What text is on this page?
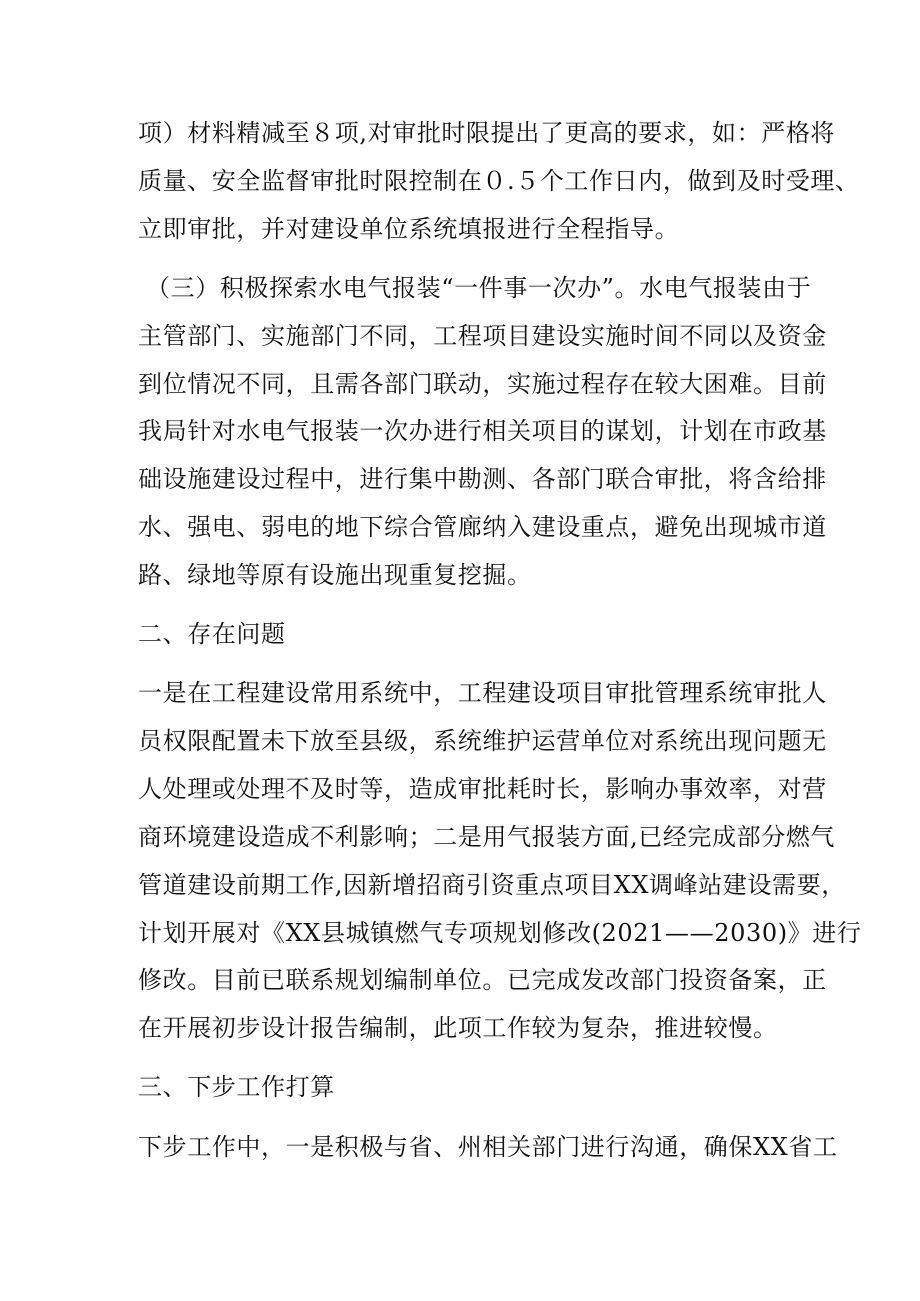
项）材料精减至８项,对审批时限提出了更高的要求，如：严格将
质量、安全监督审批时限控制在０.５个工作日内，做到及时受理、
立即审批，并对建设单位系统填报进行全程指导。
（三）积极探索水电气报装“一件事一次办”。水电气报装由于
主管部门、实施部门不同，工程项目建设实施时间不同以及资金
到位情况不同，且需各部门联动，实施过程存在较大困难。目前
我局针对水电气报装一次办进行相关项目的谋划，计划在市政基
础设施建设过程中，进行集中勘测、各部门联合审批，将含给排
水、强电、弱电的地下综合管廊纳入建设重点，避免出现城市道
路、绿地等原有设施出现重复挖掘。
二、存在问题
一是在工程建设常用系统中，工程建设项目审批管理系统审批人
员权限配置未下放至县级，系统维护运营单位对系统出现问题无
人处理或处理不及时等，造成审批耗时长，影响办事效率，对营
商环境建设造成不利影响；二是用气报装方面,已经完成部分燃气
管道建设前期工作,因新增招商引资重点项目XX调峰站建设需要，
计划开展对《XX县城镇燃气专项规划修改(2021——2030)》进行
修改。目前已联系规划编制单位。已完成发改部门投资备案，正
在开展初步设计报告编制，此项工作较为复杂，推进较慢。
三、下步工作打算
下步工作中，一是积极与省、州相关部门进行沟通，确保XX省工
